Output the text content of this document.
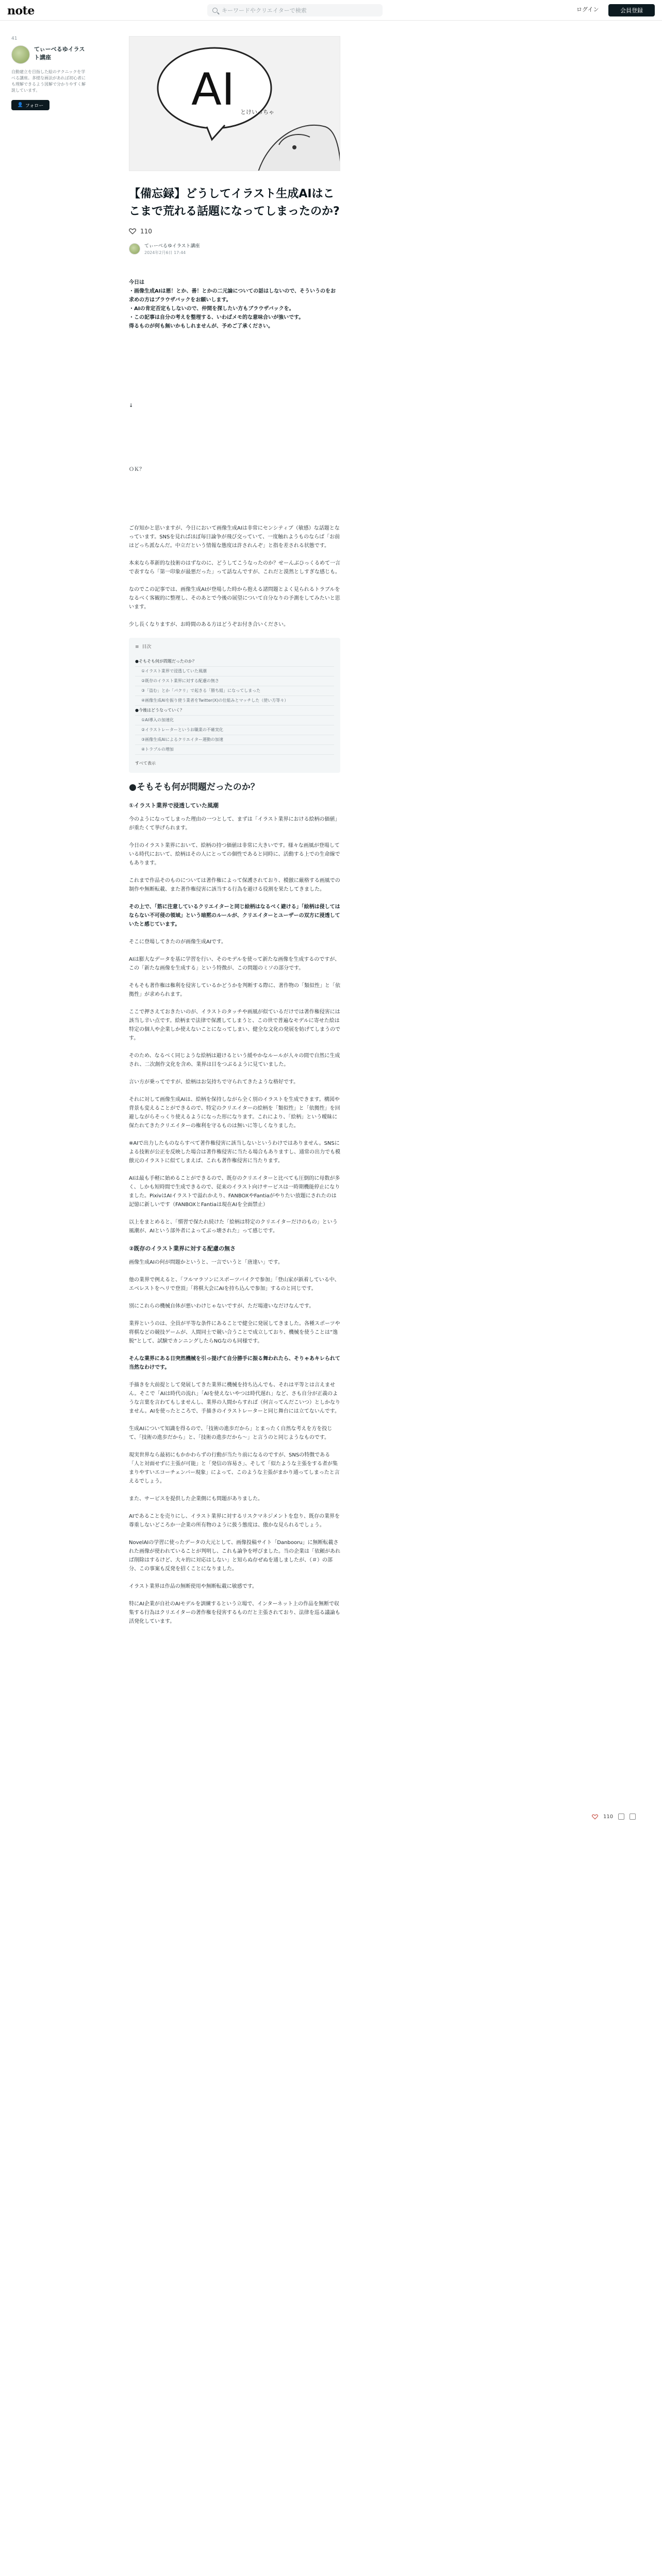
note
キーワードやクリエイターで検索	ログイン	会員登録
41
てぃーべるゆイラスト講座
自動建立を目指した絵のテクニックを学べる講座。多様な画法があれば初心者にも理解できるよう図解で分かりやすく解説しています。
👤 フォロー	AI とけいっちゃ
【備忘録】どうしてイラスト生成AIはここまで荒れる話題になってしまったのか?
110
てぃーべるゆイラスト講座
2024年2月6日 17:44

今日は
・画像生成AIは悪！とか、善！とかの二元論についての話はしないので、そういうのをお求めの方はブラウザバックをお願いします。
・AIの肯定否定もしないので、仲間を探したい方もブラウザバックを。
・この記事は自分の考えを整理する、いわばメモ的な意味合いが強いです。
得るものが何も無いかもしれませんが、予めご了承ください。

↓

ＯＫ？

ご存知かと思いますが、今日において画像生成AIは非常にセンシティブ（敏感）な話題となっています。SNSを見ればほぼ毎日論争が飛び交っていて、一度触れようものならば「お前はどっち派なんだ。中立だという情報な態度は許されんぞ」と指を差される状態です。

本来なら革新的な技術のはずなのに、どうしてこうなったのか？せーんぶひっくるめて一言で表すなら「第一印象が最悪だった」って話なんですが、これだと漠然としすぎな感じも。

なのでこの記事では、画像生成AIが登場した時から抱える諸問題とよく見られるトラブルをなるべく客観的に整理し、そのあとで今後の展望について自分なりの予測をしてみたいと思います。

少し長くなりますが、お時間のある方はどうぞお付き合いください。

≡ 目次
●そもそも何が問題だったのか？
①イラスト業界で浸透していた風潮
②既存のイラスト業界に対する配慮の無さ
③「盗む」とか「パクリ」で起きる「勝ち組」になってしまった
④画像生成AIを振り使う業者をTwitter(X)の仕組みとマッチした（使い方等々）
●今後はどうなっていく？
①AI導入の加速化
②イラストレーターというお職業の不確実化
③画像生成AIによるクリエイター運動の加速
④トラブルの増加
すべて表示
●そもそも何が問題だったのか？
①イラスト業界で浸透していた風潮

今のようになってしまった理由の一つとして、まずは「イラスト業界における絵柄の価値」が重たくて挙げられます。

今日のイラスト業界において、絵柄の持つ価値は非常に大きいです。様々な画風が登場している時代において、絵柄はその人にとっての個性であると同時に、活動する上での生命線でもあります。

これまで作品そのものについては著作権によって保護されており、模倣に厳格する画風での制作や無断転載、また著作権侵害に該当する行為を避ける役割を果たしてきました。

その上で、「筋に注意しているクリエイターと同じ絵柄はなるべく避ける」「絵柄は侵してはならない不可侵の領域」という暗黙のルールが、クリエイターとユーザーの双方に浸透していたと感じています。

そこに登場してきたのが画像生成AIです。

AIは膨大なデータを基に学習を行い、そのモデルを使って新たな画像を生成するのですが、この「新たな画像を生成する」という特徴が、この問題のミソの部分です。

そもそも著作権は権利を侵害しているかどうかを判断する際に、著作物の「類似性」と「依拠性」が求められます。

ここで押さえておきたいのが、イラストのタッチや画風が似ているだけでは著作権侵害には該当し辛い点です。絵柄まで法律で保護してしまうと、この世で普遍なモデルに寄せた絵は特定の個人や企業しか使えないことになってしまい、健全な文化の発展を妨げてしまうのです。

そのため、なるべく同じような絵柄は避けるという緩やかなルールが人々の間で自然に生成され、二次創作文化を含め、業界は目をつぶるように見ていました。

言い方が乗ってですが、絵柄はお気持ちで守られてきたような格好です。

それに対して画像生成AIは、絵柄を保持しながら全く別のイラストを生成できます。構図や背景も変えることができるので、特定のクリエイターの絵柄を「類似性」と「依拠性」を回避しながらそっくり使えるようになった形になります。これにより、「絵柄」という曖昧に保たれてきたクリエイターの権利を守るものは無いに等しくなりました。

※AIで出力したものならすべて著作権侵害に該当しないというわけではありません。SNSによる技術が公正を反映した場合は著作権侵害に当たる場合もありますし、通常の出力でも模倣元のイラストに似てしまえば、これも著作権侵害に当たります。

AIは最も手軽に始めることができるので、既存のクリエイターと比べても圧倒的に母数が多く、しかも短時間で生成できるので、従来のイラスト向けサービスは一時期機能停止になりました。PixivはAIイラストで溢れかえり、FANBOXやFantiaがやりたい放題にされたのは記憶に新しいです（FANBOXとFantiaは現在AIを全面禁止）

以上をまとめると、「慣習で保たれ続けた「絵柄は特定のクリエイターだけのもの」という風潮が、AIという部外者によってぶっ壊された」って感じです。

②既存のイラスト業界に対する配慮の無さ

画像生成AIの何が問題かというと、一言でいうと「唐達い」です。

他の業界で例えると、「フルマラソンにスポーツバイクで参加」「登山家が鋲着している中、エベレストをヘリで登頂」「将棋大会にAIを持ち込んで参加」するのと同じです。

別にこれらの機械自体が悪いわけじゃないですが、ただ場違いなだけなんです。

業界というのは、全員が平等な条件にあることで健全に発展してきました。各種スポーツや将棋などの競技ゲームが、人間同士で競い合うことで成立しており、機械を使うことは”逸脱”として、試験でカンニングしたらNGなのも同様です。

そんな業界にある日突然機械を引っ提げて自分勝手に振る舞われたら、そりゃあキレられて当然なわけです。

手描きを大前提として発展してきた業界に機械を持ち込んでも、それは平等とは言えません。そこで「AIは時代の流れ」「AIを使えないやつは時代遅れ」など、さも自分が正義のような言葉を言わてもしませんし、業界の人間からすれば（何言ってんだこいつ）としかなりません。AIを使ったところで、手描きのイラストレーターと同じ舞台には立てないんです。

生成AIについて知識を得るので、「技術の進歩だから」とまったく自然な考えを方を投じて、「技術の進歩だから」と、「技術の進歩だから〜」と言うのと同じようなものです。

現実世界なら最初にもかかわらずの行動が当たり前になるのですが、SNSの特徴である「人と対面せずに主張が可能」と「発信の容易さ」、そして「似たような主張をする者が集まりやすいエコーチェンバー現象」によって、このような主張がまかり通ってしまったと言えるでしょう。

また、サービスを提供した企業側にも問題がありました。

AIであることを売りにし、イラスト業界に対するリスクマネジメントを怠り、既存の業界を尊重しないどころか一企業の所有物のように扱う態度は、傲かな見られるでしょう。

NovelAIの学習に使ったデータの大元として、画像投稿サイト「Danbooru」に無断転載された画像が使われていることが判明し、これも論争を呼びました。当の企業は「依頼があれば削除はするけど、大々的に対応はしない」と知らぬ存ぜぬを通しましたが、（＃）の部分、この事案も反発を招くことになりました。

イラスト業界は作品の無断使用や無断転載に敏感です。

特にAI企業が自社のAIモデルを訓練するという立場で、インターネット上の作品を無断で収集する行為はクリエイターの著作権を侵害するものだと主張されており、法律を巡る議論も活発化しています。

110
